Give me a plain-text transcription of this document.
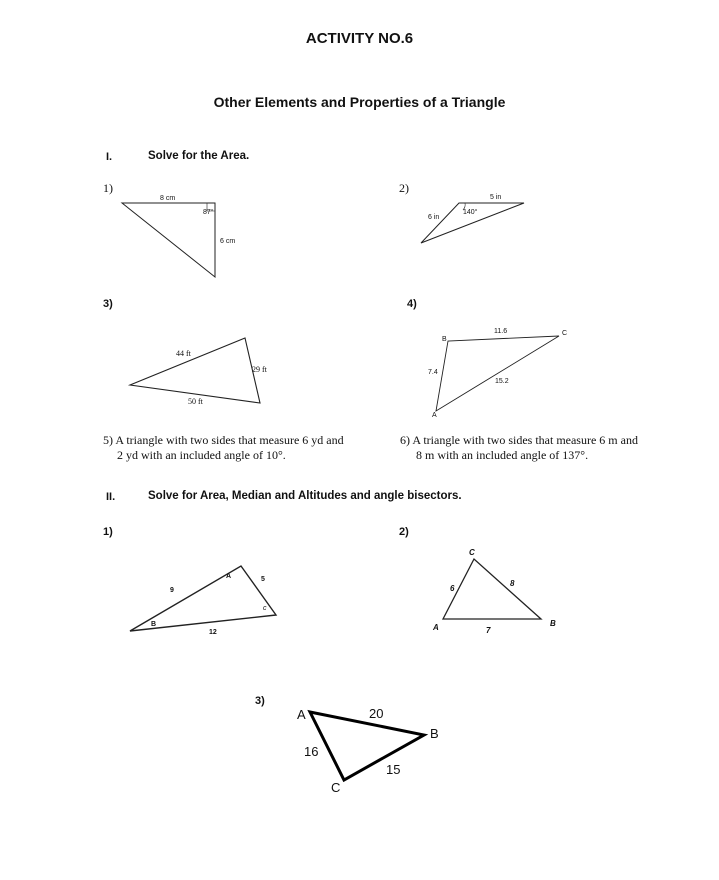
ACTIVITY NO.6
Other Elements and Properties of a Triangle
I.	Solve for the Area.
1)	2)
3)	4)
5) A triangle with two sides that measure 6 yd and
2 yd with an included angle of 10°.
6) A triangle with two sides that measure 6 m and
8 m with an included angle of 137°.
II.	Solve for Area, Median and Altitudes and angle bisectors.
1)	2)
3)
8 cm
87°
6 cm
5 in
6 in
140°
44 ft
29 ft
50 ft
B
11.6	C
7.4
15.2
A
A
9
5
c
B
12
C
6
8
A	7
B
A	20
B
16
15
C
